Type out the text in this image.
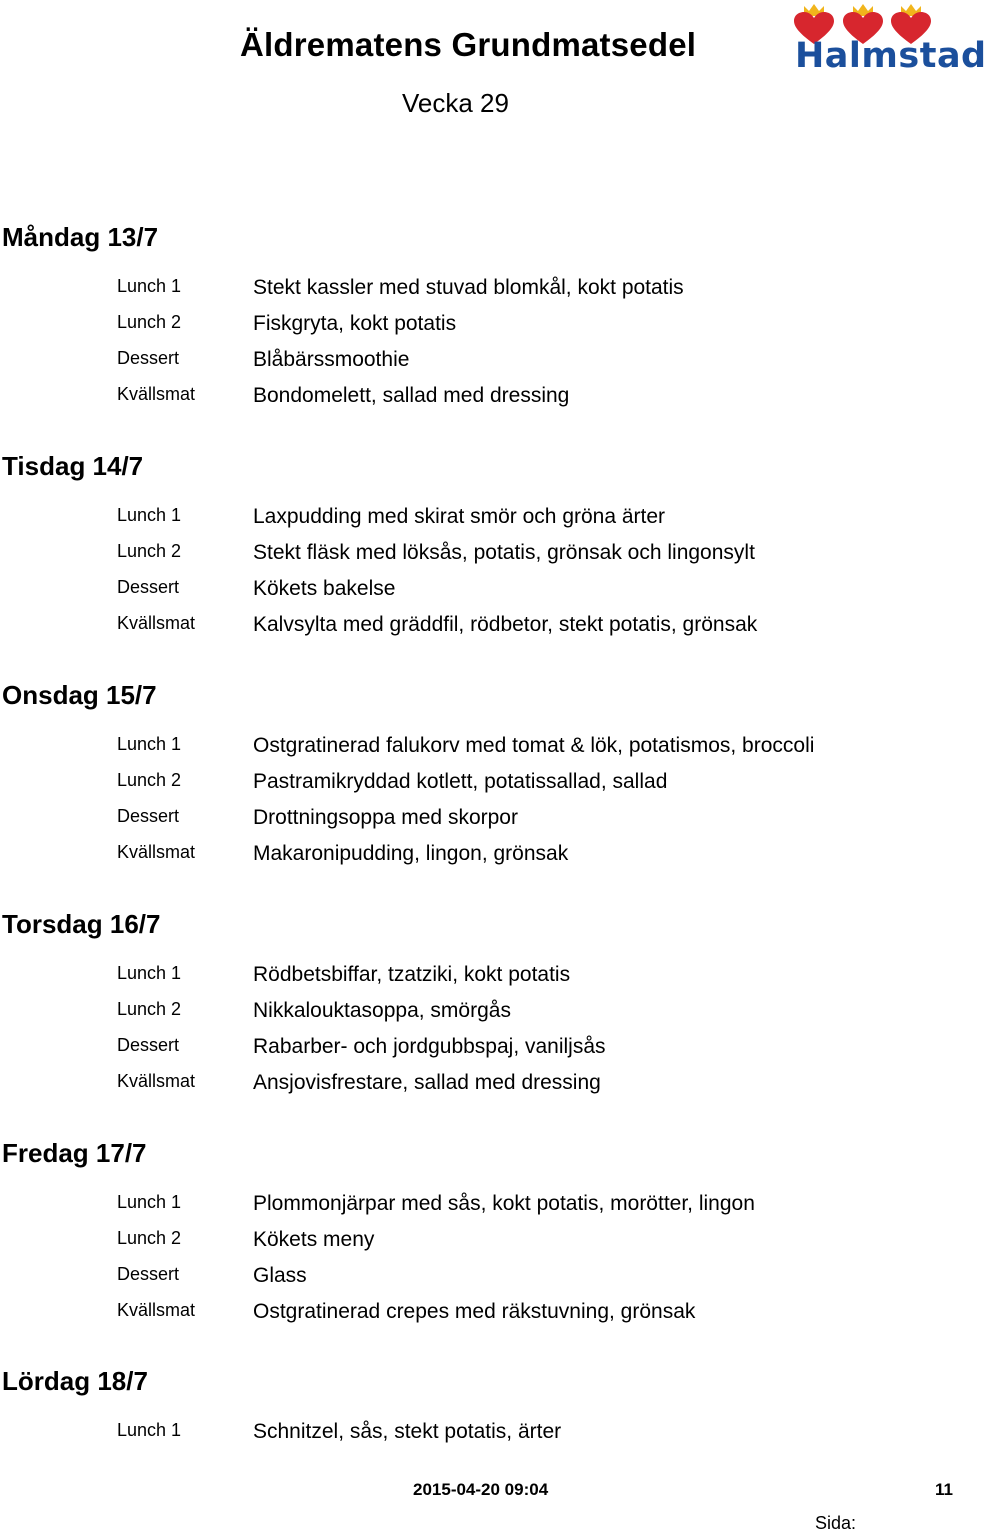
Äldrematens Grundmatsedel
Vecka 29
Halmstad
Måndag 13/7
Lunch 1	Stekt kassler med stuvad blomkål, kokt potatis
Lunch 2	Fiskgryta, kokt potatis
Dessert	Blåbärssmoothie
Kvällsmat	Bondomelett, sallad med dressing
Tisdag 14/7
Lunch 1	Laxpudding med skirat smör och gröna ärter
Lunch 2	Stekt fläsk med löksås, potatis, grönsak och lingonsylt
Dessert	Kökets bakelse
Kvällsmat	Kalvsylta med gräddfil, rödbetor, stekt potatis, grönsak
Onsdag 15/7
Lunch 1	Ostgratinerad falukorv med tomat & lök, potatismos, broccoli
Lunch 2	Pastramikryddad kotlett, potatissallad, sallad
Dessert	Drottningsoppa med skorpor
Kvällsmat	Makaronipudding, lingon, grönsak
Torsdag 16/7
Lunch 1	Rödbetsbiffar, tzatziki, kokt potatis
Lunch 2	Nikkalouktasoppa, smörgås
Dessert	Rabarber- och jordgubbspaj, vaniljsås
Kvällsmat	Ansjovisfrestare, sallad med dressing
Fredag 17/7
Lunch 1	Plommonjärpar med sås, kokt potatis, morötter, lingon
Lunch 2	Kökets meny
Dessert	Glass
Kvällsmat	Ostgratinerad crepes med räkstuvning, grönsak
Lördag 18/7
Lunch 1	Schnitzel, sås, stekt potatis, ärter
2015-04-20 09:04	11
Sida:
